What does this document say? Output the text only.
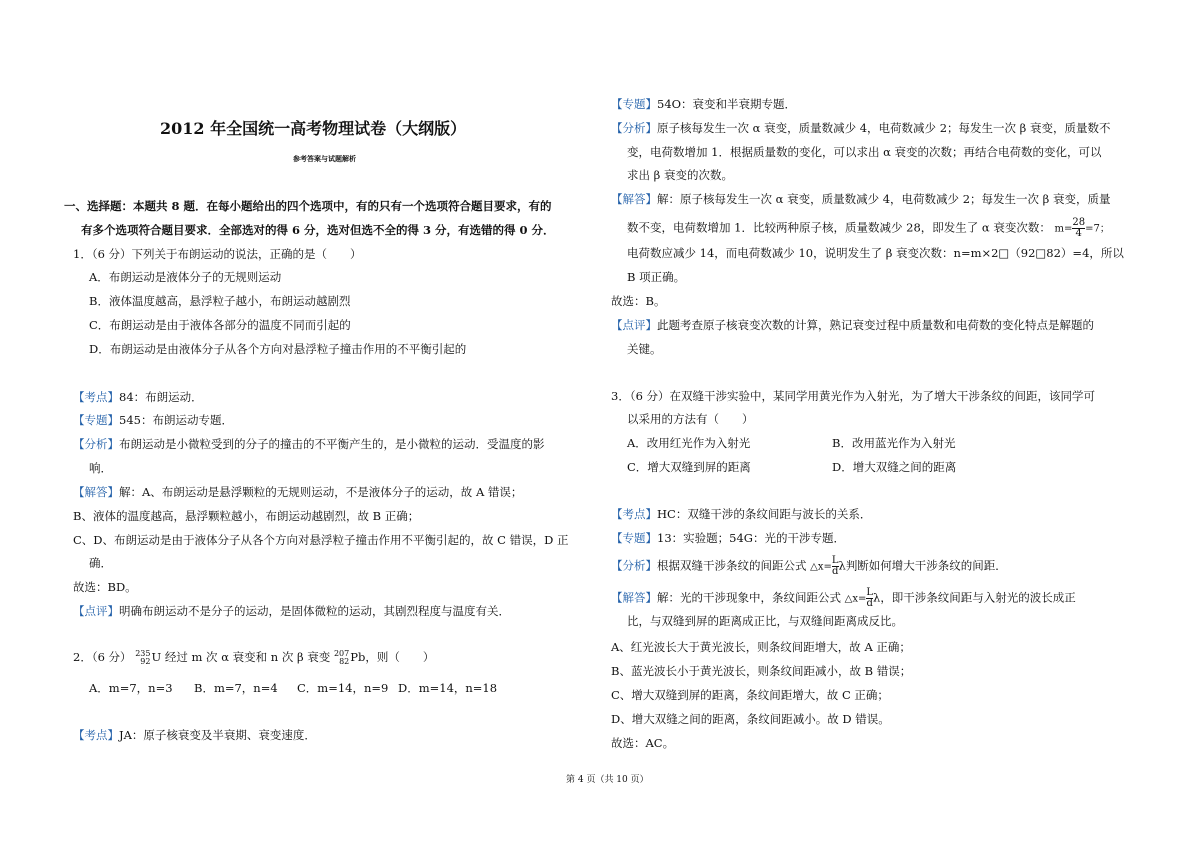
2012 年全国统一高考物理试卷（大纲版）
参考答案与试题解析
一、选择题：本题共 8 题．在每小题给出的四个选项中，有的只有一个选项符合题目要求，有的
有多个选项符合题目要求．全部选对的得 6 分，选对但选不全的得 3 分，有选错的得 0 分．
1．（6 分）下列关于布朗运动的说法，正确的是（　　）
A．布朗运动是液体分子的无规则运动
B．液体温度越高，悬浮粒子越小，布朗运动越剧烈
C．布朗运动是由于液体各部分的温度不同而引起的
D．布朗运动是由液体分子从各个方向对悬浮粒子撞击作用的不平衡引起的
【考点】84：布朗运动．
【专题】545：布朗运动专题．
【分析】布朗运动是小微粒受到的分子的撞击的不平衡产生的，是小微粒的运动．受温度的影
响．
【解答】解：A、布朗运动是悬浮颗粒的无规则运动，不是液体分子的运动，故 A 错误；
B、液体的温度越高，悬浮颗粒越小，布朗运动越剧烈，故 B 正确；
C、D、布朗运动是由于液体分子从各个方向对悬浮粒子撞击作用不平衡引起的，故 C 错误，D 正
确．
故选：BD。
【点评】明确布朗运动不是分子的运动，是固体微粒的运动，其剧烈程度与温度有关．
2．（6 分） 235
92 U 经过 m 次 α 衰变和 n 次 β 衰变 207
82 Pb，则（　　）
A．m=7，n=3 B．m=7，n=4 C．m=14，n=9 D．m=14，n=18
【考点】JA：原子核衰变及半衰期、衰变速度．
【专题】54O：衰变和半衰期专题．
【分析】原子核每发生一次 α 衰变，质量数减少 4，电荷数减少 2；每发生一次 β 衰变，质量数不
变，电荷数增加 1．根据质量数的变化，可以求出 α 衰变的次数；再结合电荷数的变化，可以
求出 β 衰变的次数。
【解答】解：原子核每发生一次 α 衰变，质量数减少 4，电荷数减少 2；每发生一次 β 衰变，质量
数不变，电荷数增加 1．比较两种原子核，质量数减少 28，即发生了 α 衰变次数： $m= \frac{28}{4} =7$；
电荷数应减少 14，而电荷数减少 10，说明发生了 β 衰变次数：n=m×2□（92□82）=4，所以
B 项正确。
故选：B。
【点评】此题考查原子核衰变次数的计算，熟记衰变过程中质量数和电荷数的变化特点是解题的
关键。
3．（6 分）在双缝干涉实验中，某同学用黄光作为入射光，为了增大干涉条纹的间距，该同学可
以采用的方法有（　　）
A．改用红光作为入射光	B．改用蓝光作为入射光
C．增大双缝到屏的距离	D．增大双缝之间的距离
【考点】HC：双缝干涉的条纹间距与波长的关系．
【专题】13：实验题；54G：光的干涉专题．
【分析】根据双缝干涉条纹的间距公式 △x= $\frac{L}{d}$ λ判断如何增大干涉条纹的间距．
【解答】解：光的干涉现象中，条纹间距公式 △x= $\frac{L}{d}$ λ，即干涉条纹间距与入射光的波长成正
比，与双缝到屏的距离成正比，与双缝间距离成反比。
A、红光波长大于黄光波长，则条纹间距增大，故 A 正确；
B、蓝光波长小于黄光波长，则条纹间距减小，故 B 错误；
C、增大双缝到屏的距离，条纹间距增大，故 C 正确；
D、增大双缝之间的距离，条纹间距减小。故 D 错误。
故选：AC。
第 4 页（共 10 页）
